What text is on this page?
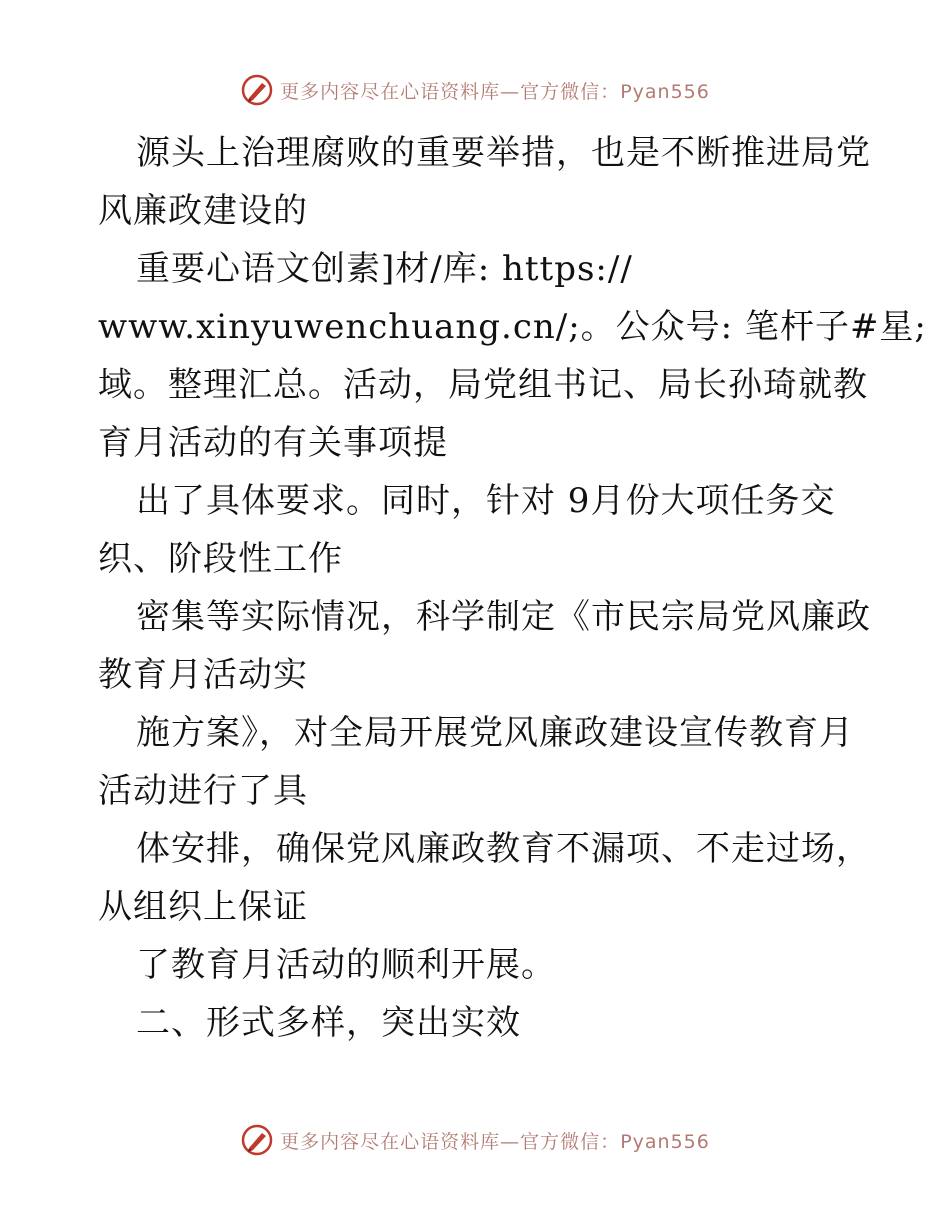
更多内容尽在心语资料库—官方微信：Pyan556
源头上治理腐败的重要举措，也是不断推进局党
风廉政建设的
重要心语文创素]材/库: https://
www.xinyuwenchuang.cn/;。公众号: 笔杆子#星;
域。整理汇总。活动，局党组书记、局长孙琦就教
育月活动的有关事项提
出了具体要求。同时，针对 9月份大项任务交
织、阶段性工作
密集等实际情况，科学制定《市民宗局党风廉政
教育月活动实
施方案》，对全局开展党风廉政建设宣传教育月
活动进行了具
体安排，确保党风廉政教育不漏项、不走过场，
从组织上保证
了教育月活动的顺利开展。
二、形式多样，突出实效
更多内容尽在心语资料库—官方微信：Pyan556
